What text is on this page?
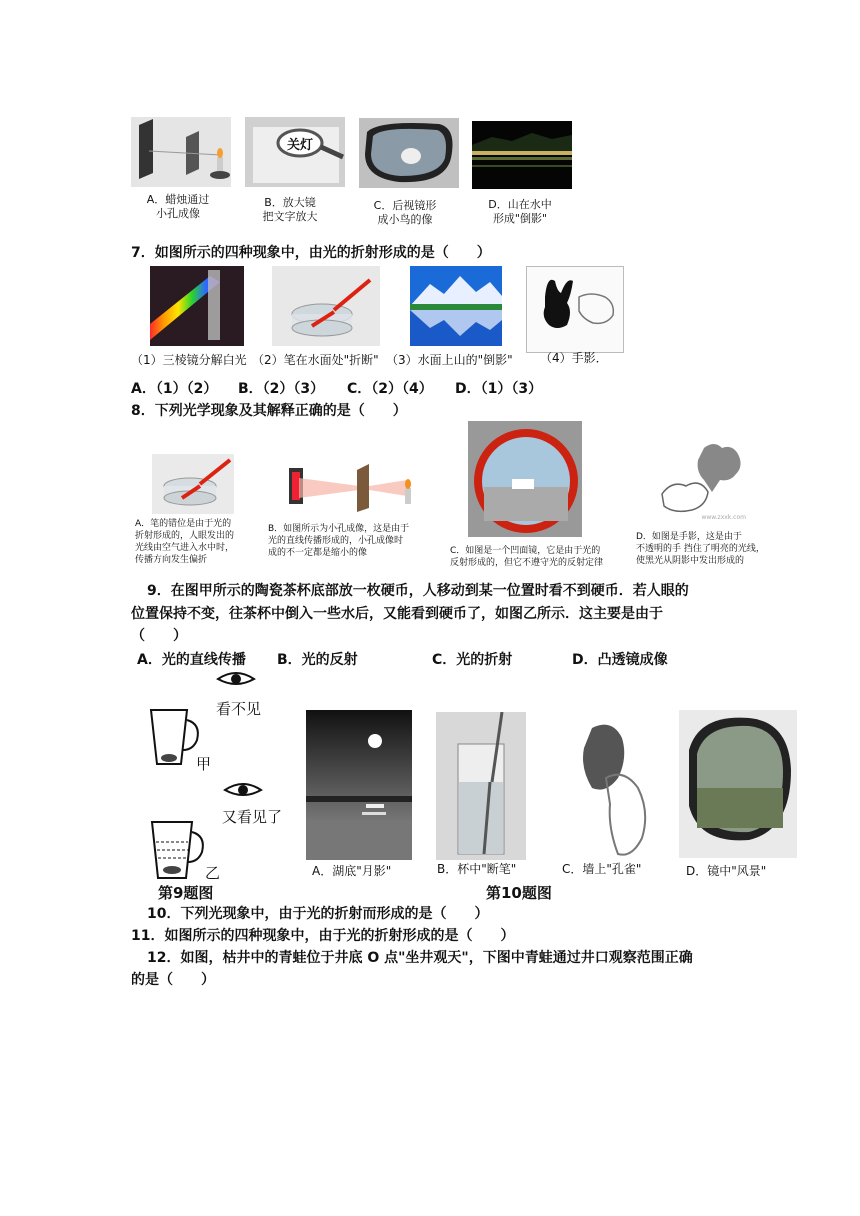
关灯
A．蜡烛通过
小孔成像
B．放大镜
把文字放大
C．后视镜形
成小鸟的像
D．山在水中
形成"倒影"
7．如图所示的四种现象中，由光的折射形成的是（　　）
（1）三棱镜分解白光 （2）笔在水面处"折断" （3）水面上山的"倒影" （4）手影．
A．（1）（2） B．（2）（3） C．（2）（4） D．（1）（3）
8．下列光学现象及其解释正确的是（　　）
www.zxxk.com
A．笔的错位是由于光的
折射形成的，人眼发出的
光线由空气进入水中时，
传播方向发生偏折
B．如图所示为小孔成像，这是由于
光的直线传播形成的，小孔成像时
成的不一定都是缩小的像	C．如图是一个凹面镜，它是由于光的
反射形成的，但它不遵守光的反射定律
D．如图是手影，这是由于
不透明的手 挡住了明亮的光线，
使黑光从阴影中发出形成的
9．在图甲所示的陶瓷茶杯底部放一枚硬币，人移动到某一位置时看不到硬币．若人眼的
位置保持不变，往茶杯中倒入一些水后，又能看到硬币了，如图乙所示．这主要是由于
（　　）
A．光的直线传播 B．光的反射	C．光的折射	D．凸透镜成像
看不见
甲
又看见了
乙
第9题图
A．湖底"月影"	B．杯中"断笔"	C．墙上"孔雀"	D．镜中"风景"
第10题图
10．下列光现象中，由于光的折射而形成的是（　　）
11．如图所示的四种现象中，由于光的折射形成的是（　　）
12．如图，枯井中的青蛙位于井底 O 点"坐井观天"，下图中青蛙通过井口观察范围正确
的是（　　）
